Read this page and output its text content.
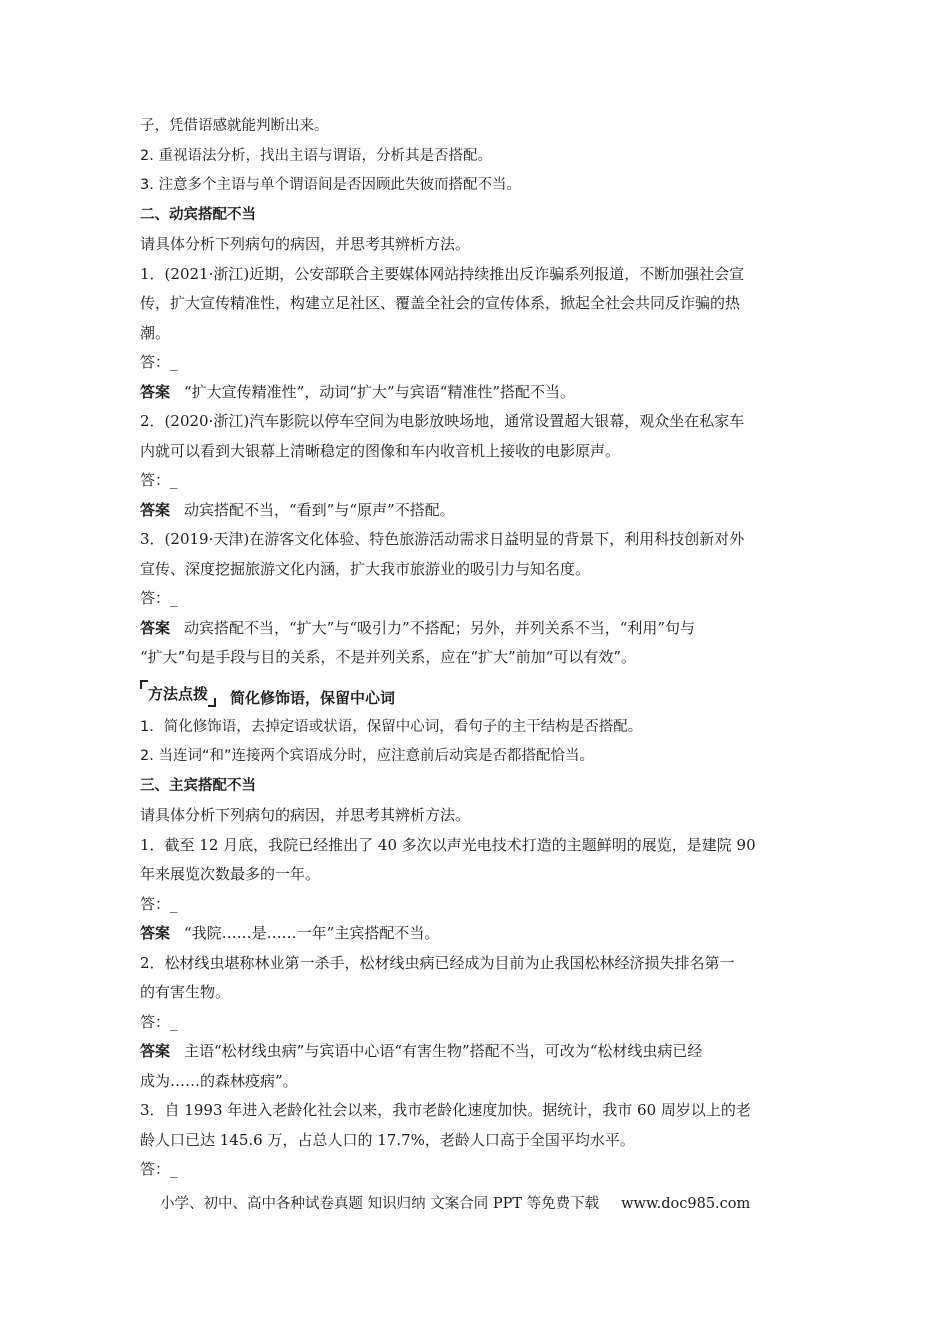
子，凭借语感就能判断出来。
2. 重视语法分析，找出主语与谓语，分析其是否搭配。
3. 注意多个主语与单个谓语间是否因顾此失彼而搭配不当。
二、动宾搭配不当
请具体分析下列病句的病因，并思考其辨析方法。
1．(2021·浙江)近期，公安部联合主要媒体网站持续推出反诈骗系列报道，不断加强社会宣
传，扩大宣传精准性，构建立足社区、覆盖全社会的宣传体系，掀起全社会共同反诈骗的热
潮。
答：_
答案 “扩大宣传精准性”，动词“扩大”与宾语“精准性”搭配不当。
2．(2020·浙江)汽车影院以停车空间为电影放映场地，通常设置超大银幕，观众坐在私家车
内就可以看到大银幕上清晰稳定的图像和车内收音机上接收的电影原声。
答：_
答案 动宾搭配不当，“看到”与“原声”不搭配。
3．(2019·天津)在游客文化体验、特色旅游活动需求日益明显的背景下，利用科技创新对外
宣传、深度挖掘旅游文化内涵，扩大我市旅游业的吸引力与知名度。
答：_
答案 动宾搭配不当，“扩大”与“吸引力”不搭配；另外，并列关系不当，“利用”句与
“扩大”句是手段与目的关系，不是并列关系，应在“扩大”前加“可以有效”。
方法点拨	简化修饰语，保留中心词
1．简化修饰语，去掉定语或状语，保留中心词，看句子的主干结构是否搭配。
2. 当连词“和”连接两个宾语成分时，应注意前后动宾是否都搭配恰当。
三、主宾搭配不当
请具体分析下列病句的病因，并思考其辨析方法。
1．截至 12 月底，我院已经推出了 40 多次以声光电技术打造的主题鲜明的展览，是建院 90
年来展览次数最多的一年。
答：_
答案 “我院……是……一年”主宾搭配不当。
2．松材线虫堪称林业第一杀手，松材线虫病已经成为目前为止我国松林经济损失排名第一
的有害生物。
答：_
答案 主语“松材线虫病”与宾语中心语“有害生物”搭配不当，可改为“松材线虫病已经
成为……的森林疫病”。
3．自 1993 年进入老龄化社会以来，我市老龄化速度加快。据统计，我市 60 周岁以上的老
龄人口已达 145.6 万，占总人口的 17.7%，老龄人口高于全国平均水平。
答：_
小学、初中、高中各种试卷真题 知识归纳 文案合同 PPT 等免费下载 www.doc985.com
